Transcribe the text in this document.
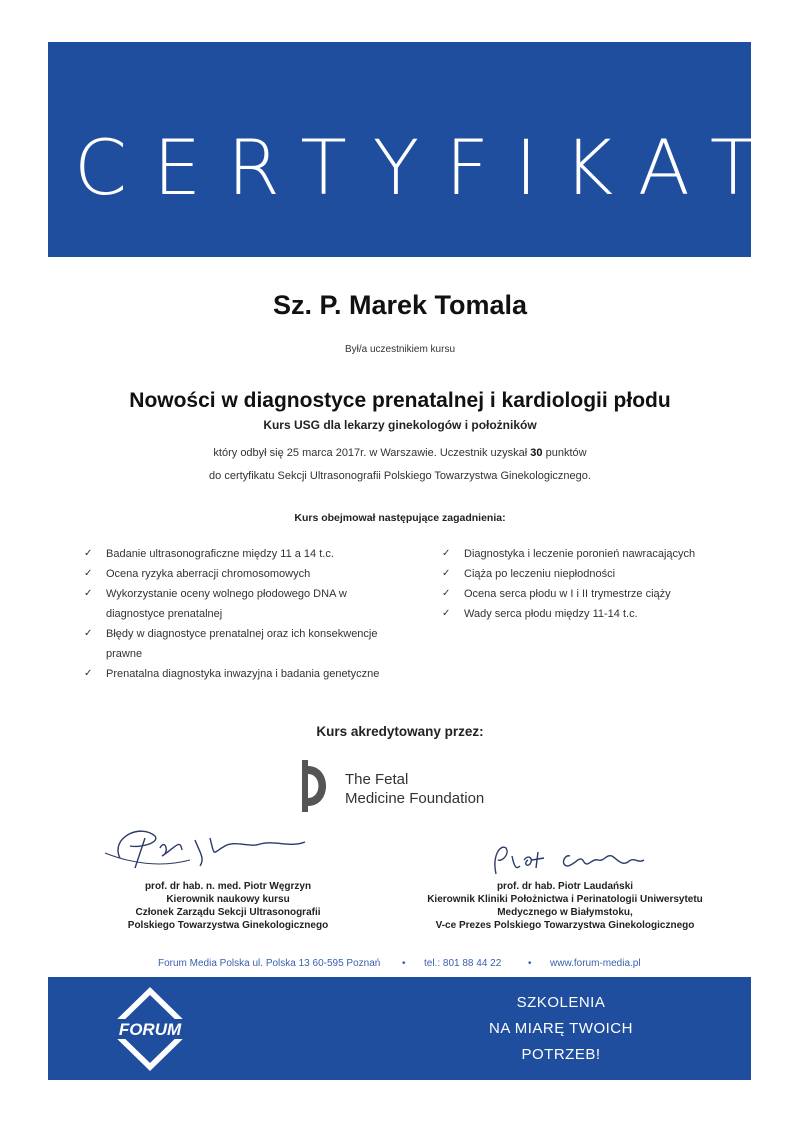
CERTYFIKAT
Sz. P. Marek Tomala
Był/a uczestnikiem kursu
Nowości w diagnostyce prenatalnej i kardiologii płodu
Kurs USG dla lekarzy ginekologów i położników
który odbył się 25 marca 2017r. w Warszawie. Uczestnik uzyskał 30 punktów
do certyfikatu Sekcji Ultrasonografii Polskiego Towarzystwa Ginekologicznego.
Kurs obejmował następujące zagadnienia:
✓ Badanie ultrasonograficzne między 11 a 14 t.c.
✓ Ocena ryzyka aberracji chromosomowych
✓ Wykorzystanie oceny wolnego płodowego DNA w diagnostyce prenatalnej
✓ Błędy w diagnostyce prenatalnej oraz ich konsekwencje prawne
✓ Prenatalna diagnostyka inwazyjna i badania genetyczne
✓ Diagnostyka i leczenie poronień nawracających
✓ Ciąża po leczeniu niepłodności
✓ Ocena serca płodu w I i II trymestrze ciąży
✓ Wady serca płodu między 11-14 t.c.
Kurs akredytowany przez:
The Fetal
Medicine Foundation
prof. dr hab. n. med. Piotr Węgrzyn
Kierownik naukowy kursu
Członek Zarządu Sekcji Ultrasonografii
Polskiego Towarzystwa Ginekologicznego
prof. dr hab. Piotr Laudański
Kierownik Kliniki Położnictwa i Perinatologii Uniwersytetu
Medycznego w Białymstoku,
V-ce Prezes Polskiego Towarzystwa Ginekologicznego
Forum Media Polska ul. Polska 13 60-595 Poznań • tel.: 801 88 44 22	• www.forum-media.pl
FORUM
SZKOLENIA
NA MIARĘ TWOICH
POTRZEB!
